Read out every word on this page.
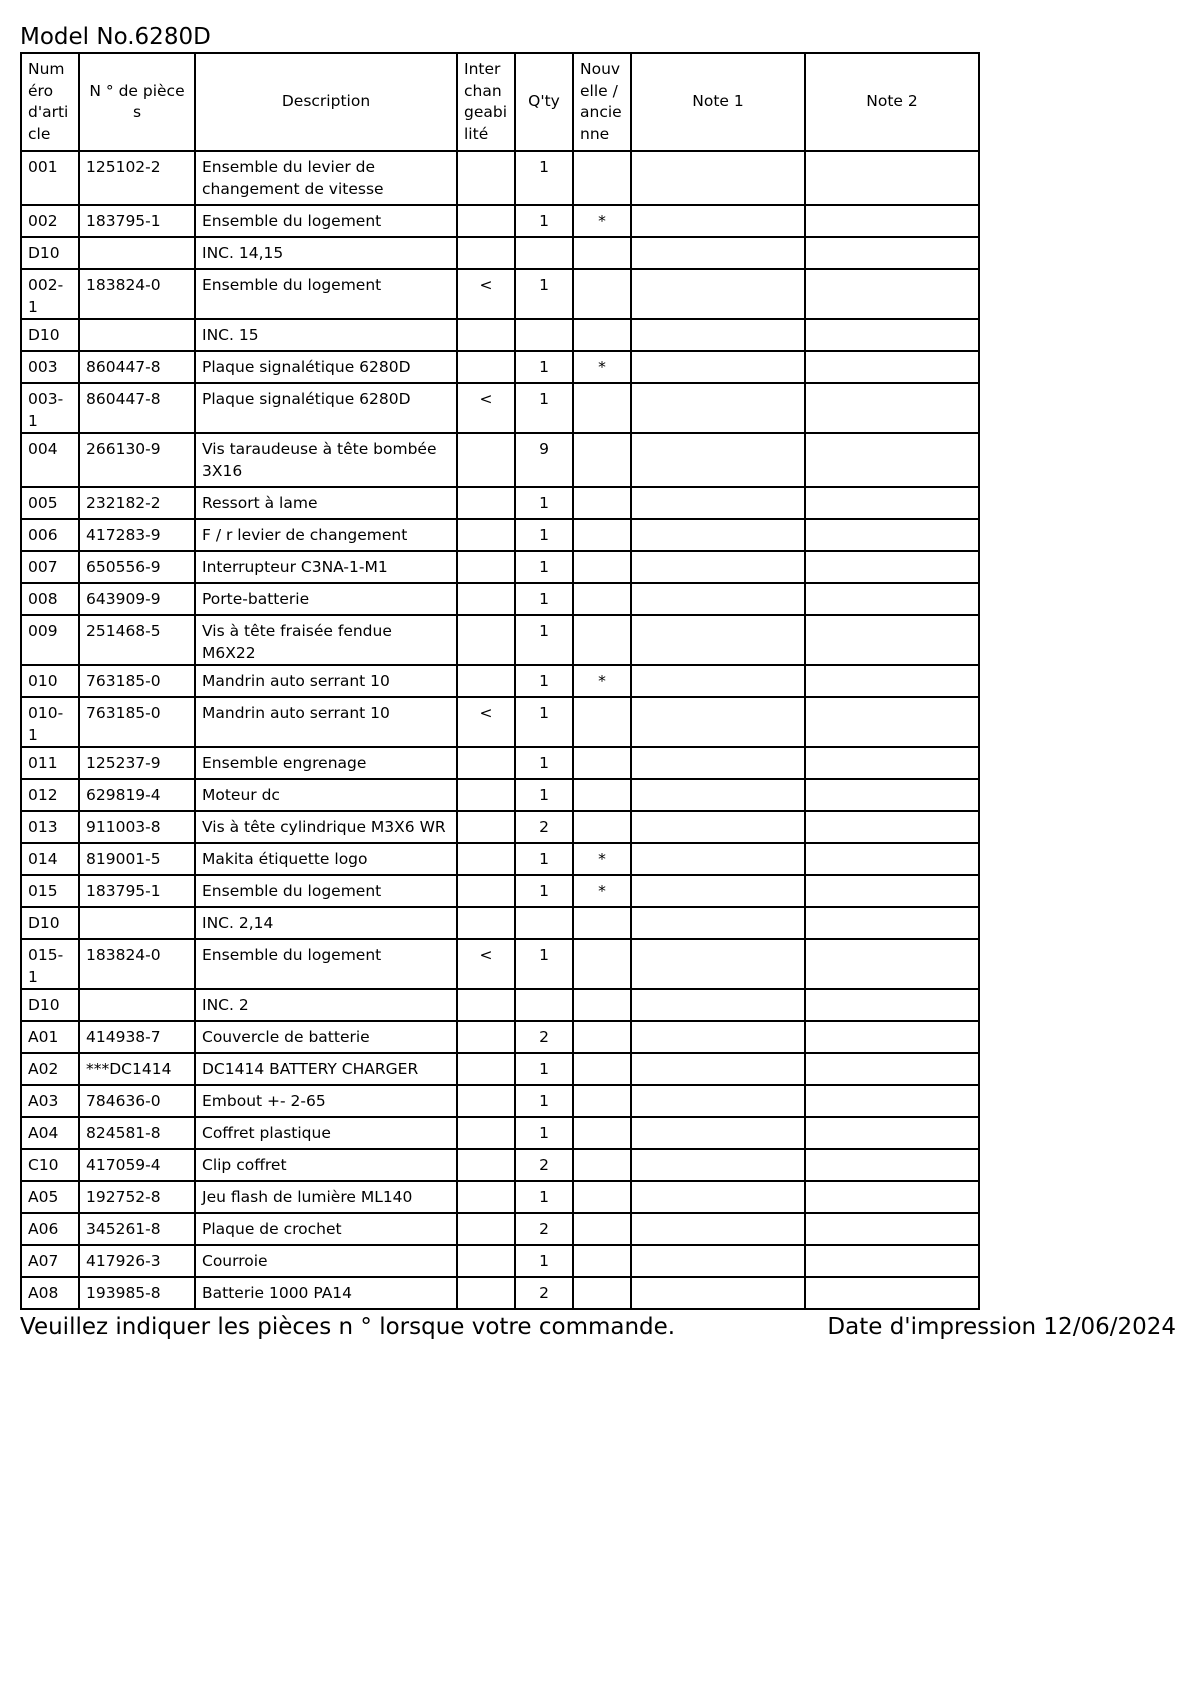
Model No.6280D
Numéro d'article	N ° de pièces	Description	Interchangeabilité	Q'ty	Nouvelle / ancienne	Note 1	Note 2
001	125102-2	Ensemble du levier de changement de vitesse		1			
002	183795-1	Ensemble du logement		1	*		
D10		INC. 14,15					
002-1	183824-0	Ensemble du logement	<	1			
D10		INC. 15					
003	860447-8	Plaque signalétique 6280D		1	*		
003-1	860447-8	Plaque signalétique 6280D	<	1			
004	266130-9	Vis taraudeuse à tête bombée 3X16		9			
005	232182-2	Ressort à lame		1			
006	417283-9	F / r levier de changement		1			
007	650556-9	Interrupteur C3NA-1-M1		1			
008	643909-9	Porte-batterie		1			
009	251468-5	Vis à tête fraisée fendue M6X22		1			
010	763185-0	Mandrin auto serrant 10		1	*		
010-1	763185-0	Mandrin auto serrant 10	<	1			
011	125237-9	Ensemble engrenage		1			
012	629819-4	Moteur dc		1			
013	911003-8	Vis à tête cylindrique M3X6 WR		2			
014	819001-5	Makita étiquette logo		1	*		
015	183795-1	Ensemble du logement		1	*		
D10		INC. 2,14					
015-1	183824-0	Ensemble du logement	<	1			
D10		INC. 2					
A01	414938-7	Couvercle de batterie		2			
A02	***DC1414	DC1414 BATTERY CHARGER		1			
A03	784636-0	Embout +- 2-65		1			
A04	824581-8	Coffret plastique		1			
C10	417059-4	Clip coffret		2			
A05	192752-8	Jeu flash de lumière ML140		1			
A06	345261-8	Plaque de crochet		2			
A07	417926-3	Courroie		1			
A08	193985-8	Batterie 1000 PA14		2			
Veuillez indiquer les pièces n ° lorsque votre commande.	Date d'impression 12/06/2024
